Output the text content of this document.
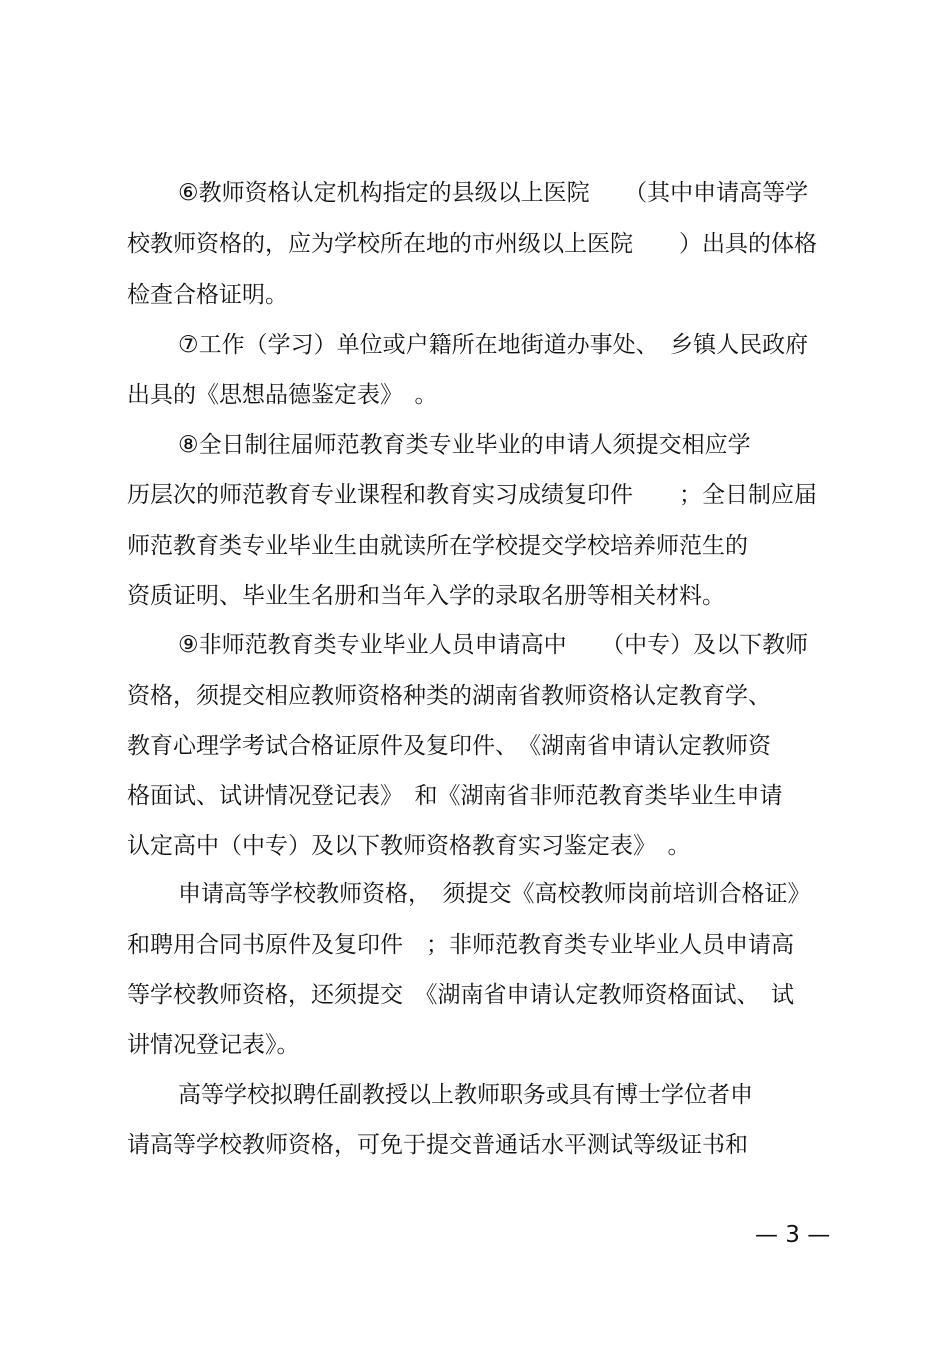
⑥教师资格认定机构指定的县级以上医院　　（其中申请高等学
校教师资格的，应为学校所在地的市州级以上医院　　）出具的体格
检查合格证明。
⑦工作（学习）单位或户籍所在地街道办事处、　乡镇人民政府
出具的《思想品德鉴定表》　。
⑧全日制往届师范教育类专业毕业的申请人须提交相应学
历层次的师范教育专业课程和教育实习成绩复印件　　；全日制应届
师范教育类专业毕业生由就读所在学校提交学校培养师范生的
资质证明、毕业生名册和当年入学的录取名册等相关材料。
⑨非师范教育类专业毕业人员申请高中　　（中专）及以下教师
资格，须提交相应教师资格种类的湖南省教师资格认定教育学、
教育心理学考试合格证原件及复印件、　《湖南省申请认定教师资
格面试、试讲情况登记表》　和《湖南省非师范教育类毕业生申请
认定高中（中专）及以下教师资格教育实习鉴定表》　。
申请高等学校教师资格，　须提交《高校教师岗前培训合格证》
和聘用合同书原件及复印件　；非师范教育类专业毕业人员申请高
等学校教师资格，还须提交　《湖南省申请认定教师资格面试、　试
讲情况登记表》。
高等学校拟聘任副教授以上教师职务或具有博士学位者申
请高等学校教师资格，可免于提交普通话水平测试等级证书和
— 3 —
